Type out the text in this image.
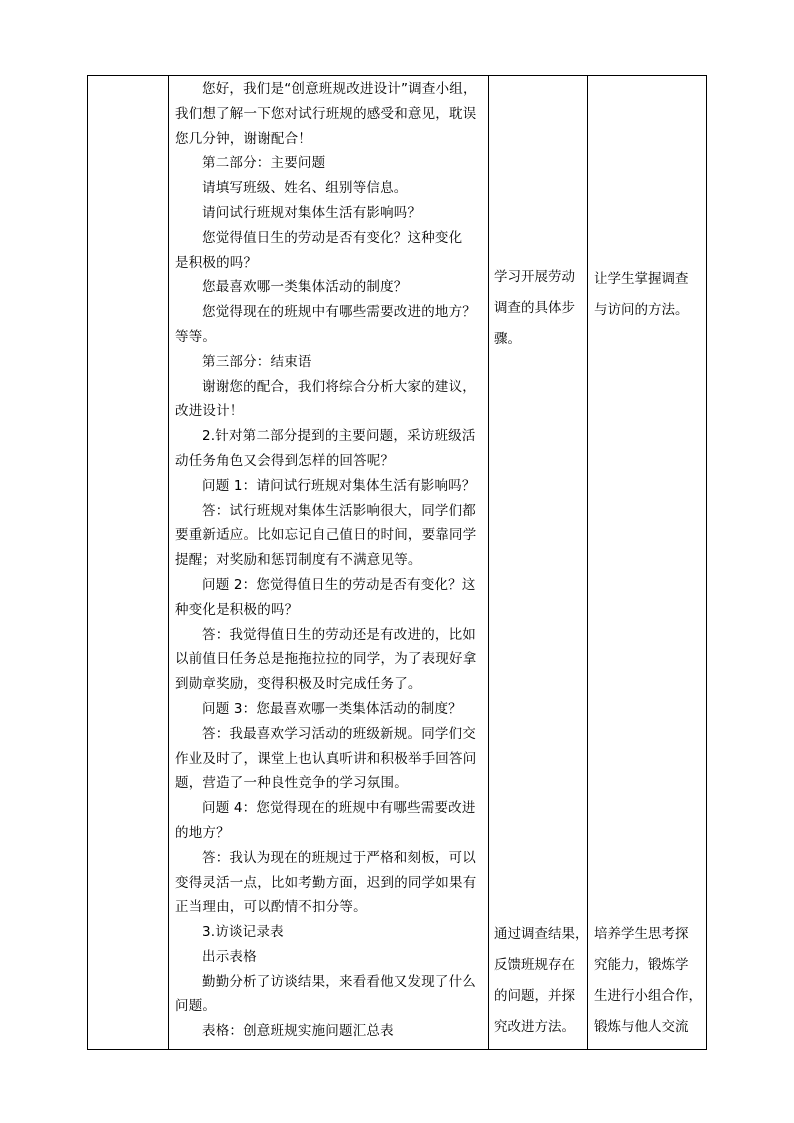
您好，我们是“创意班规改进设计”调查小组，
我们想了解一下您对试行班规的感受和意见，耽误
您几分钟，谢谢配合！
第二部分：主要问题
请填写班级、姓名、组别等信息。
请问试行班规对集体生活有影响吗？
您觉得值日生的劳动是否有变化？这种变化
是积极的吗？
您最喜欢哪一类集体活动的制度？
您觉得现在的班规中有哪些需要改进的地方？
等等。
第三部分：结束语
谢谢您的配合，我们将综合分析大家的建议，
改进设计！
2.针对第二部分提到的主要问题，采访班级活
动任务角色又会得到怎样的回答呢？
问题 1：请问试行班规对集体生活有影响吗？
答：试行班规对集体生活影响很大，同学们都
要重新适应。比如忘记自己值日的时间，要靠同学
提醒；对奖励和惩罚制度有不满意见等。
问题 2：您觉得值日生的劳动是否有变化？这
种变化是积极的吗？
答：我觉得值日生的劳动还是有改进的，比如
以前值日任务总是拖拖拉拉的同学，为了表现好拿
到勋章奖励，变得积极及时完成任务了。
问题 3：您最喜欢哪一类集体活动的制度？
答：我最喜欢学习活动的班级新规。同学们交
作业及时了，课堂上也认真听讲和积极举手回答问
题，营造了一种良性竞争的学习氛围。
问题 4：您觉得现在的班规中有哪些需要改进
的地方？
答：我认为现在的班规过于严格和刻板，可以
变得灵活一点，比如考勤方面，迟到的同学如果有
正当理由，可以酌情不扣分等。
3.访谈记录表
出示表格
勤勤分析了访谈结果，来看看他又发现了什么
问题。
表格：创意班规实施问题汇总表
学习开展劳动
调查的具体步
骤。
让学生掌握调查
与访问的方法。
通过调查结果，
反馈班规存在
的问题，并探
究改进方法。
培养学生思考探
究能力，锻炼学
生进行小组合作，
锻炼与他人交流
